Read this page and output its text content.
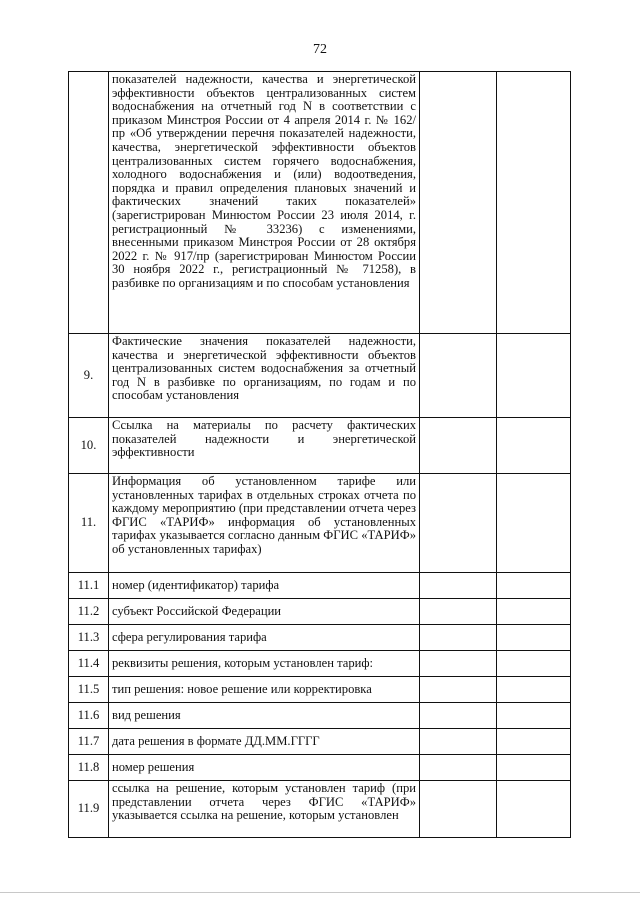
72
	показателей надежности, качества и энергетической эффективности объектов централизованных систем водоснабжения на отчетный год N в соответствии с приказом Минстроя России от 4 апреля 2014 г. № 162/пр «Об утверждении перечня показателей надежности, качества, энергетической эффективности объектов централизованных систем горячего водоснабжения, холодного водоснабжения и (или) водоотведения, порядка и правил определения плановых значений и фактических значений таких показателей» (зарегистрирован Минюстом России 23 июля 2014, г. регистрационный № 33236) с изменениями, внесенными приказом Минстроя России от 28 октября 2022 г. № 917/пр (зарегистрирован Минюстом России 30 ноября 2022 г., регистрационный № 71258), в разбивке по организациям и по способам установления		
9.	Фактические значения показателей надежности, качества и энергетической эффективности объектов централизованных систем водоснабжения за отчетный год N в разбивке по организациям, по годам и по способам установления		
10.	Ссылка на материалы по расчету фактических показателей надежности и энергетической эффективности		
11.	Информация об установленном тарифе или установленных тарифах в отдельных строках отчета по каждому мероприятию (при представлении отчета через ФГИС «ТАРИФ» информация об установленных тарифах указывается согласно данным ФГИС «ТАРИФ» об установленных тарифах)		
11.1	номер (идентификатор) тарифа		
11.2	субъект Российской Федерации		
11.3	сфера регулирования тарифа		
11.4	реквизиты решения, которым установлен тариф:		
11.5	тип решения: новое решение или корректировка		
11.6	вид решения		
11.7	дата решения в формате ДД.ММ.ГГГГ		
11.8	номер решения		
11.9	ссылка на решение, которым установлен тариф (при представлении отчета через ФГИС «ТАРИФ» указывается ссылка на решение, которым установлен		
